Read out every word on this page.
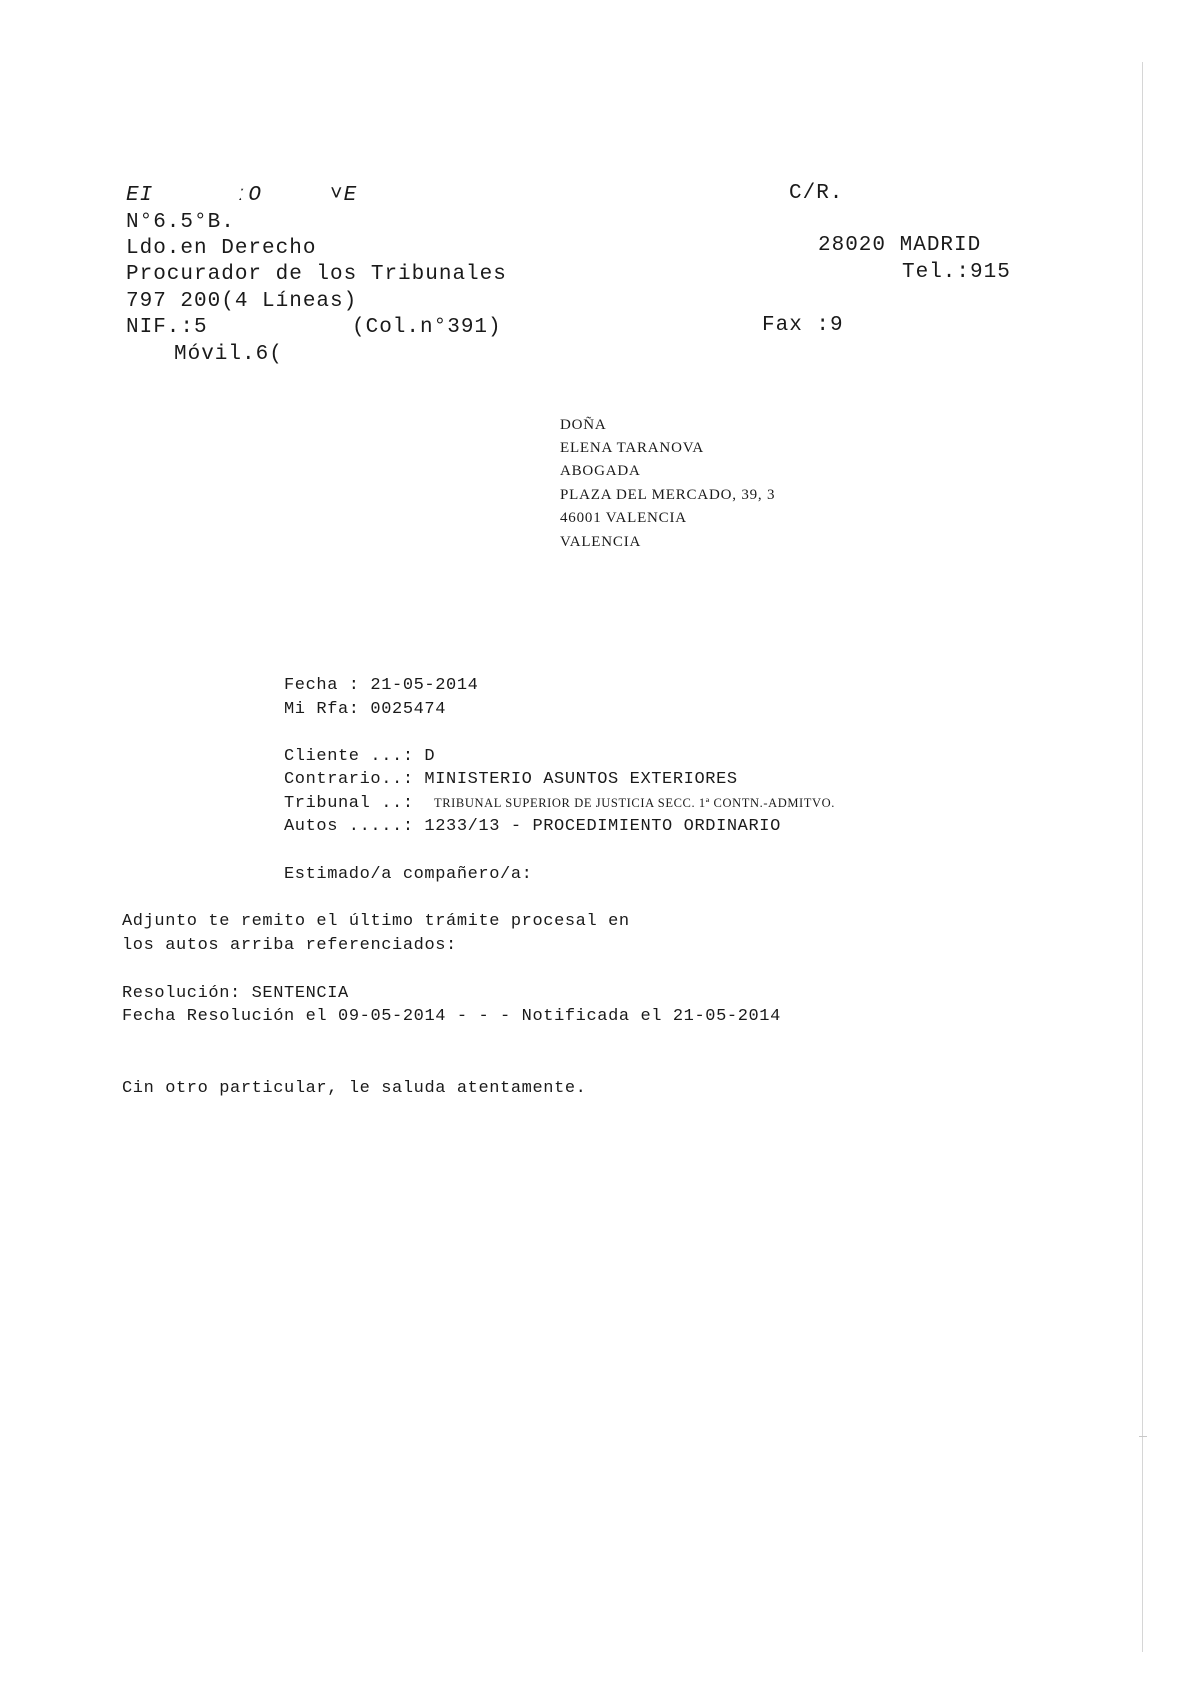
EІ      ːO     ˅E
N°6.5°B.
Ldo.en Derecho
Procurador de los Tribunales
797 200(4 Líneas)
NIF.:5	(Col.n°391)
Móvil.6(
C/R.
28020 MADRID
Tel.:915
Fax :9
DOÑA
ELENA TARANOVA
ABOGADA
PLAZA DEL MERCADO, 39, 3
46001 VALENCIA
VALENCIA
Fecha : 21-05-2014
Mi Rfa: 0025474
Cliente ...: D
Contrario..: MINISTERIO ASUNTOS EXTERIORES
Tribunal ..: TRIBUNAL SUPERIOR DE JUSTICIA SECC. 1ª CONTN.-ADMITVO.
Autos .....: 1233/13 - PROCEDIMIENTO ORDINARIO
Estimado/a compañero/a:
Adjunto te remito el último trámite procesal en
los autos arriba referenciados:
Resolución: SENTENCIA
Fecha Resolución el 09-05-2014 - - - Notificada el 21-05-2014
Cin otro particular, le saluda atentamente.
